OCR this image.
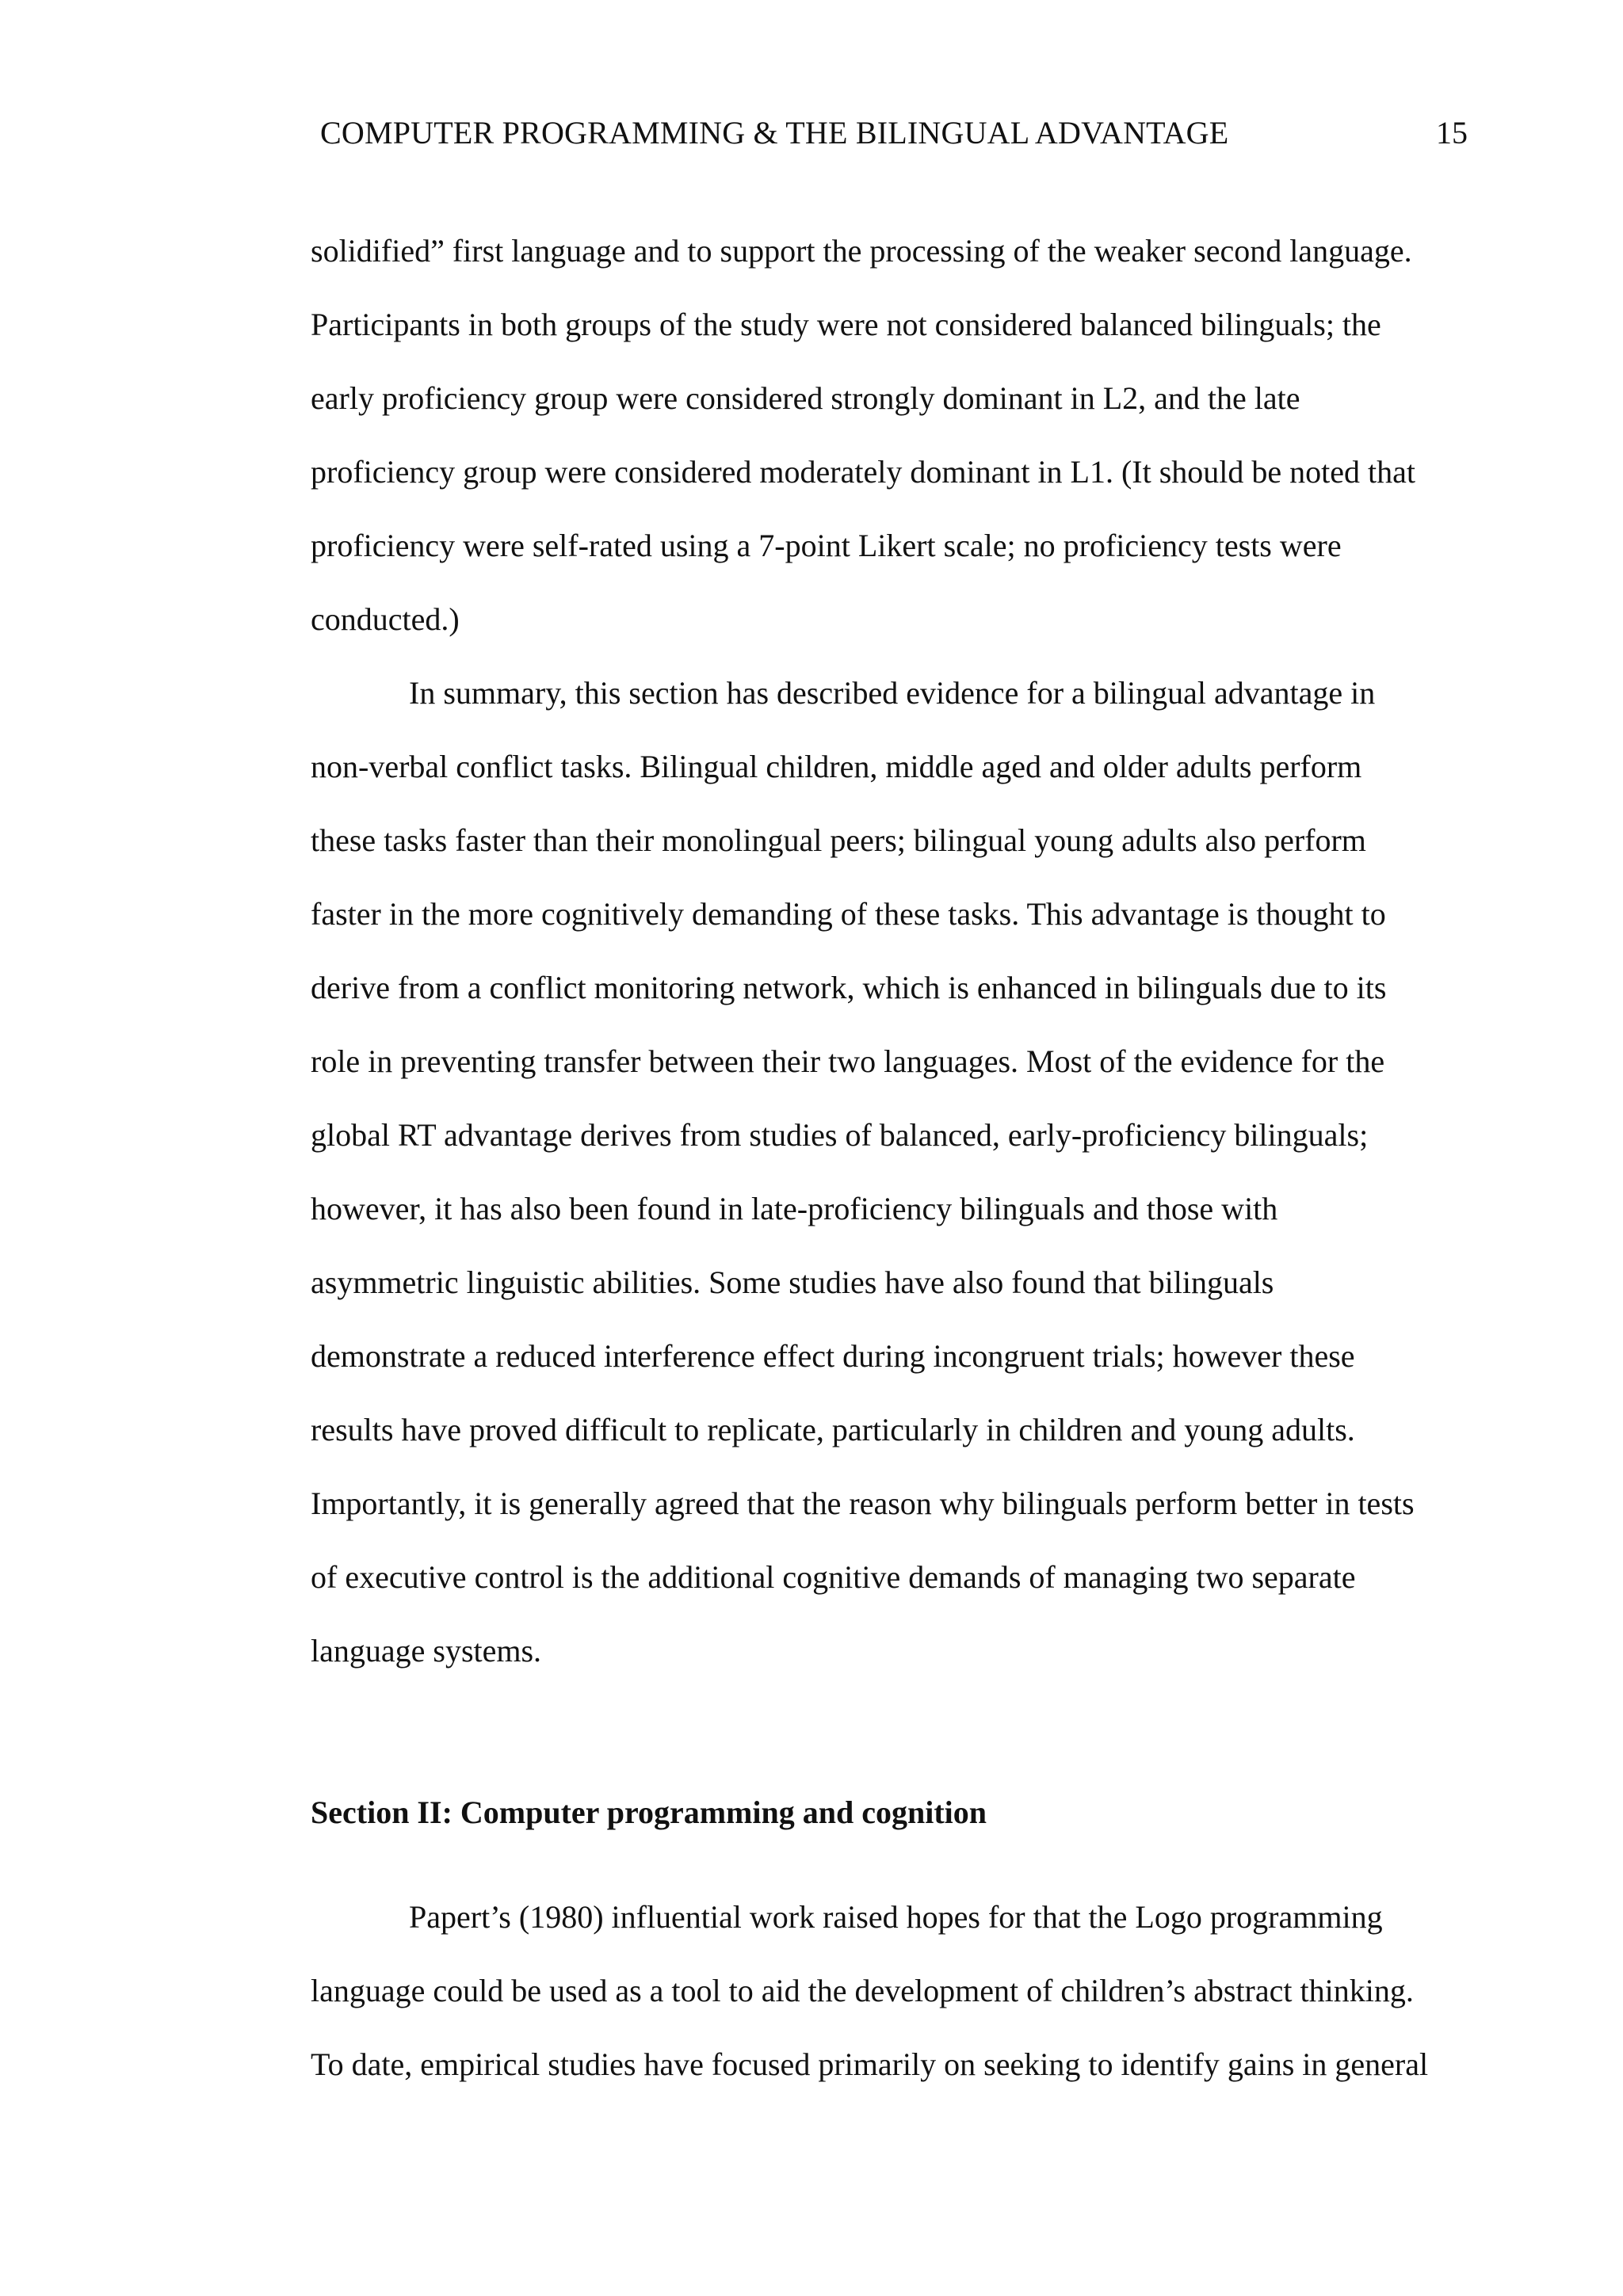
COMPUTER PROGRAMMING & THE BILINGUAL ADVANTAGE	15
solidified” first language and to support the processing of the weaker second language.
Participants in both groups of the study were not considered balanced bilinguals; the
early proficiency group were considered strongly dominant in L2, and the late
proficiency group were considered moderately dominant in L1. (It should be noted that
proficiency were self-rated using a 7-point Likert scale; no proficiency tests were
conducted.)
In summary, this section has described evidence for a bilingual advantage in
non-verbal conflict tasks. Bilingual children, middle aged and older adults perform
these tasks faster than their monolingual peers; bilingual young adults also perform
faster in the more cognitively demanding of these tasks. This advantage is thought to
derive from a conflict monitoring network, which is enhanced in bilinguals due to its
role in preventing transfer between their two languages. Most of the evidence for the
global RT advantage derives from studies of balanced, early-proficiency bilinguals;
however, it has also been found in late-proficiency bilinguals and those with
asymmetric linguistic abilities. Some studies have also found that bilinguals
demonstrate a reduced interference effect during incongruent trials; however these
results have proved difficult to replicate, particularly in children and young adults.
Importantly, it is generally agreed that the reason why bilinguals perform better in tests
of executive control is the additional cognitive demands of managing two separate
language systems.
Section II: Computer programming and cognition
Papert’s (1980) influential work raised hopes for that the Logo programming
language could be used as a tool to aid the development of children’s abstract thinking.
To date, empirical studies have focused primarily on seeking to identify gains in general
